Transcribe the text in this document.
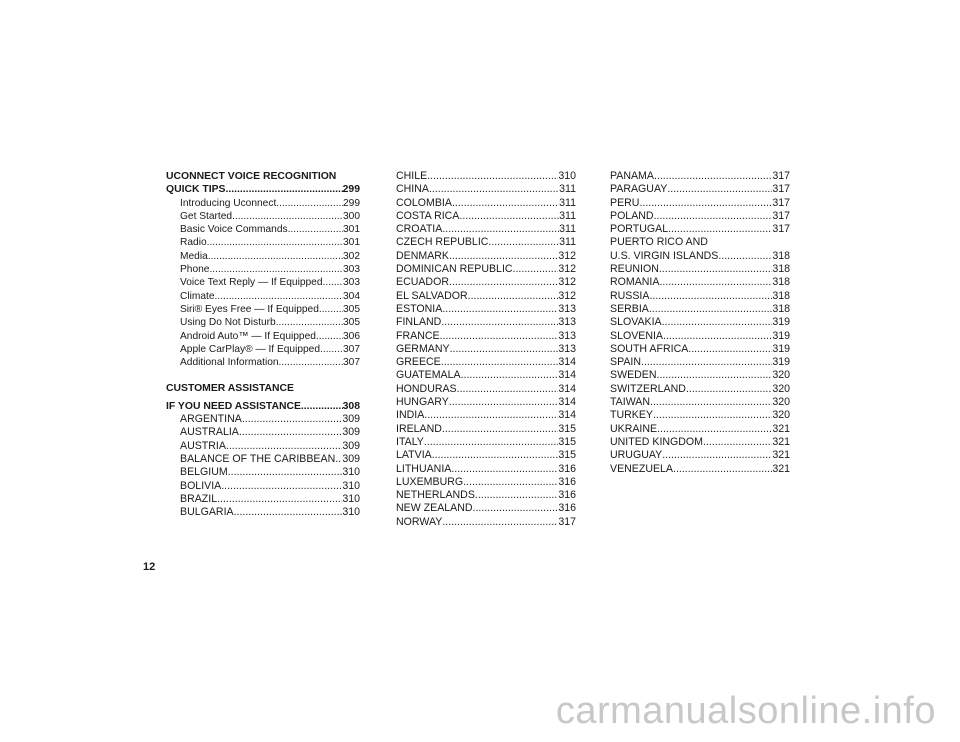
UCONNECT VOICE RECOGNITION
QUICK TIPS .....	299
Introducing Uconnect .....	299
Get Started .....	300
Basic Voice Commands .....	301
Radio .....	301
Media .....	302
Phone .....	303
Voice Text Reply — If Equipped ..... 303
Climate .....	304
Siri® Eyes Free — If Equipped ..... 305
Using Do Not Disturb .....	305
Android Auto™ — If Equipped .....	306
Apple CarPlay® — If Equipped ..... 307
Additional Information .....	307
CUSTOMER ASSISTANCE
IF YOU NEED ASSISTANCE .....	308
ARGENTINA .....	309
AUSTRALIA .....	309
AUSTRIA .....	309
BALANCE OF THE CARIBBEAN ..... 309
BELGIUM .....	310
BOLIVIA .....	310
BRAZIL .....	310
BULGARIA .....	310
CHILE .....	310
CHINA .....	311
COLOMBIA .....	311
COSTA RICA .....	311
CROATIA .....	311
CZECH REPUBLIC .....	311
DENMARK .....	312
DOMINICAN REPUBLIC .....	312
ECUADOR .....	312
EL SALVADOR .....	312
ESTONIA .....	313
FINLAND .....	313
FRANCE .....	313
GERMANY .....	313
GREECE .....	314
GUATEMALA .....	314
HONDURAS .....	314
HUNGARY .....	314
INDIA .....	314
IRELAND .....	315
ITALY .....	315
LATVIA .....	315
LITHUANIA .....	316
LUXEMBURG .....	316
NETHERLANDS .....	316
NEW ZEALAND .....	316
NORWAY .....	317
PANAMA .....	317
PARAGUAY .....	317
PERU .....	317
POLAND .....	317
PORTUGAL .....	317
PUERTO RICO AND
U.S. VIRGIN ISLANDS .....	318
REUNION .....	318
ROMANIA .....	318
RUSSIA .....	318
SERBIA .....	318
SLOVAKIA .....	319
SLOVENIA .....	319
SOUTH AFRICA .....	319
SPAIN .....	319
SWEDEN .....	320
SWITZERLAND .....	320
TAIWAN .....	320
TURKEY .....	320
UKRAINE .....	321
UNITED KINGDOM .....	321
URUGUAY .....	321
VENEZUELA .....	321
12
carmanualsonline.info
